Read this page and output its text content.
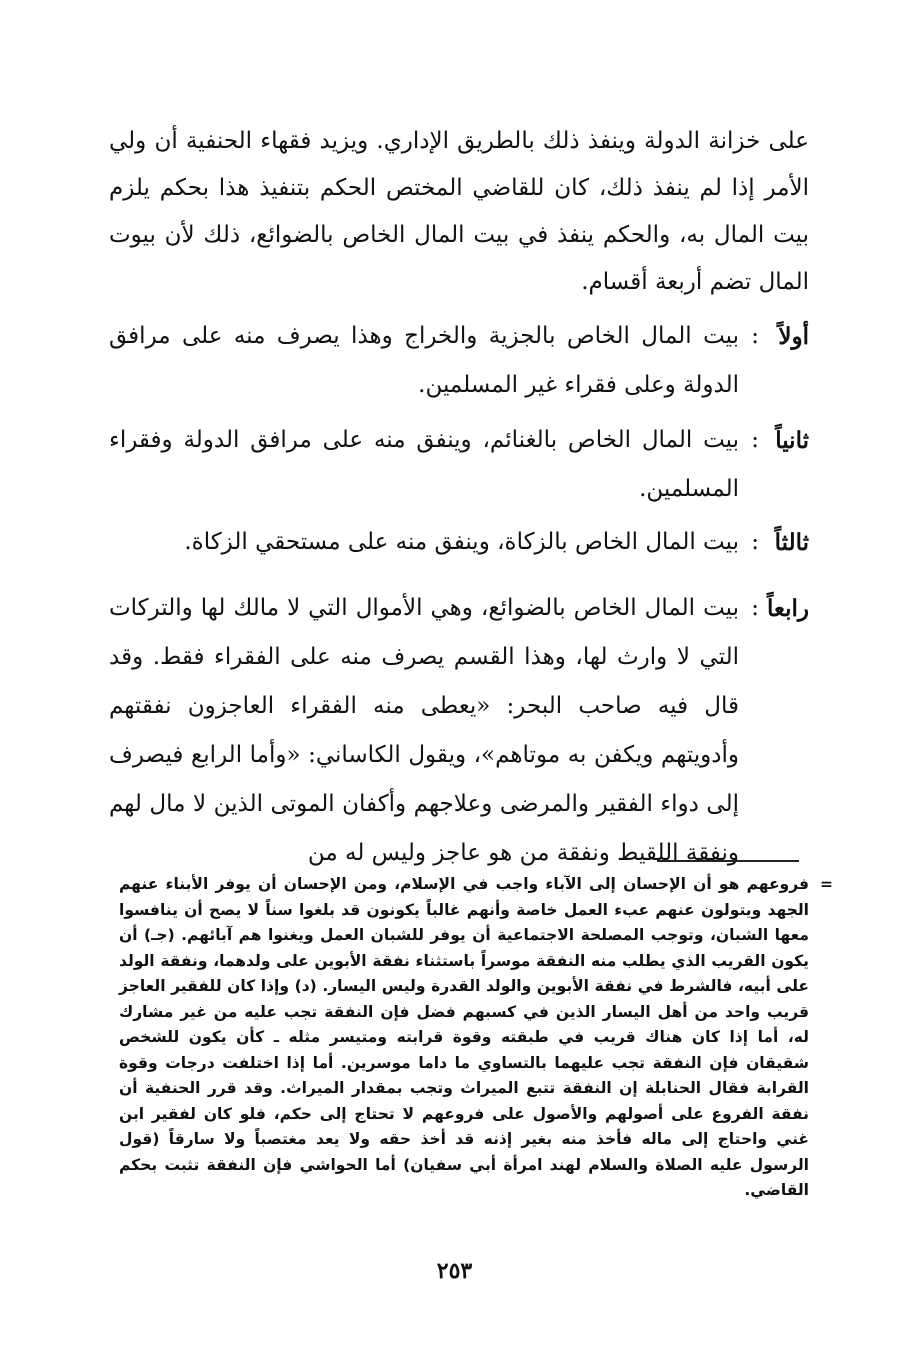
على خزانة الدولة وينفذ ذلك بالطريق الإداري. ويزيد فقهاء الحنفية أن ولي الأمر إذا لم ينفذ ذلك، كان للقاضي المختص الحكم بتنفيذ هذا بحكم يلزم بيت المال به، والحكم ينفذ في بيت المال الخاص بالضوائع، ذلك لأن بيوت المال تضم أربعة أقسام.

أولاً
:
بيت المال الخاص بالجزية والخراج وهذا يصرف منه على مرافق الدولة وعلى فقراء غير المسلمين.
ثانياً
:
بيت المال الخاص بالغنائم، وينفق منه على مرافق الدولة وفقراء المسلمين.
ثالثاً
:
بيت المال الخاص بالزكاة، وينفق منه على مستحقي الزكاة.
رابعاً
:
بيت المال الخاص بالضوائع، وهي الأموال التي لا مالك لها والتركات التي لا وارث لها، وهذا القسم يصرف منه على الفقراء فقط. وقد قال فيه صاحب البحر: «يعطى منه الفقراء العاجزون نفقتهم وأدويتهم ويكفن به موتاهم»، ويقول الكاساني: «وأما الرابع فيصرف إلى دواء الفقير والمرضى وعلاجهم وأكفان الموتى الذين لا مال لهم ونفقة اللقيط ونفقة من هو عاجز وليس له من
=
فروعهم هو أن الإحسان إلى الآباء واجب في الإسلام، ومن الإحسان أن يوفر الأبناء عنهم الجهد ويتولون عنهم عبء العمل خاصة وأنهم غالباً يكونون قد بلغوا سناً لا يصح أن ينافسوا معها الشبان، وتوجب المصلحة الاجتماعية أن يوفر للشبان العمل ويغنوا هم آبائهم. (جـ) أن يكون القريب الذي يطلب منه النفقة موسراً باستثناء نفقة الأبوين على ولدهما، ونفقة الولد على أبيه، فالشرط في نفقة الأبوين والولد القدرة وليس اليسار. (د) وإذا كان للفقير العاجز قريب واحد من أهل اليسار الذين في كسبهم فضل فإن النفقة تجب عليه من غير مشارك له، أما إذا كان هناك قريب في طبقته وقوة قرابته ومتيسر مثله ـ كأن يكون للشخص شقيقان فإن النفقة تجب عليهما بالتساوي ما داما موسرين. أما إذا اختلفت درجات وقوة القرابة فقال الحنابلة إن النفقة تتبع الميراث وتجب بمقدار الميراث. وقد قرر الحنفية أن نفقة الفروع على أصولهم والأصول على فروعهم لا تحتاج إلى حكم، فلو كان لفقير ابن غني واحتاج إلى ماله فأخذ منه بغير إذنه قد أخذ حقه ولا يعد مغتصباً ولا سارقاً (قول الرسول عليه الصلاة والسلام لهند امرأة أبي سفيان) أما الحواشي فإن النفقة تثبت بحكم القاضي.
٢٥٣
